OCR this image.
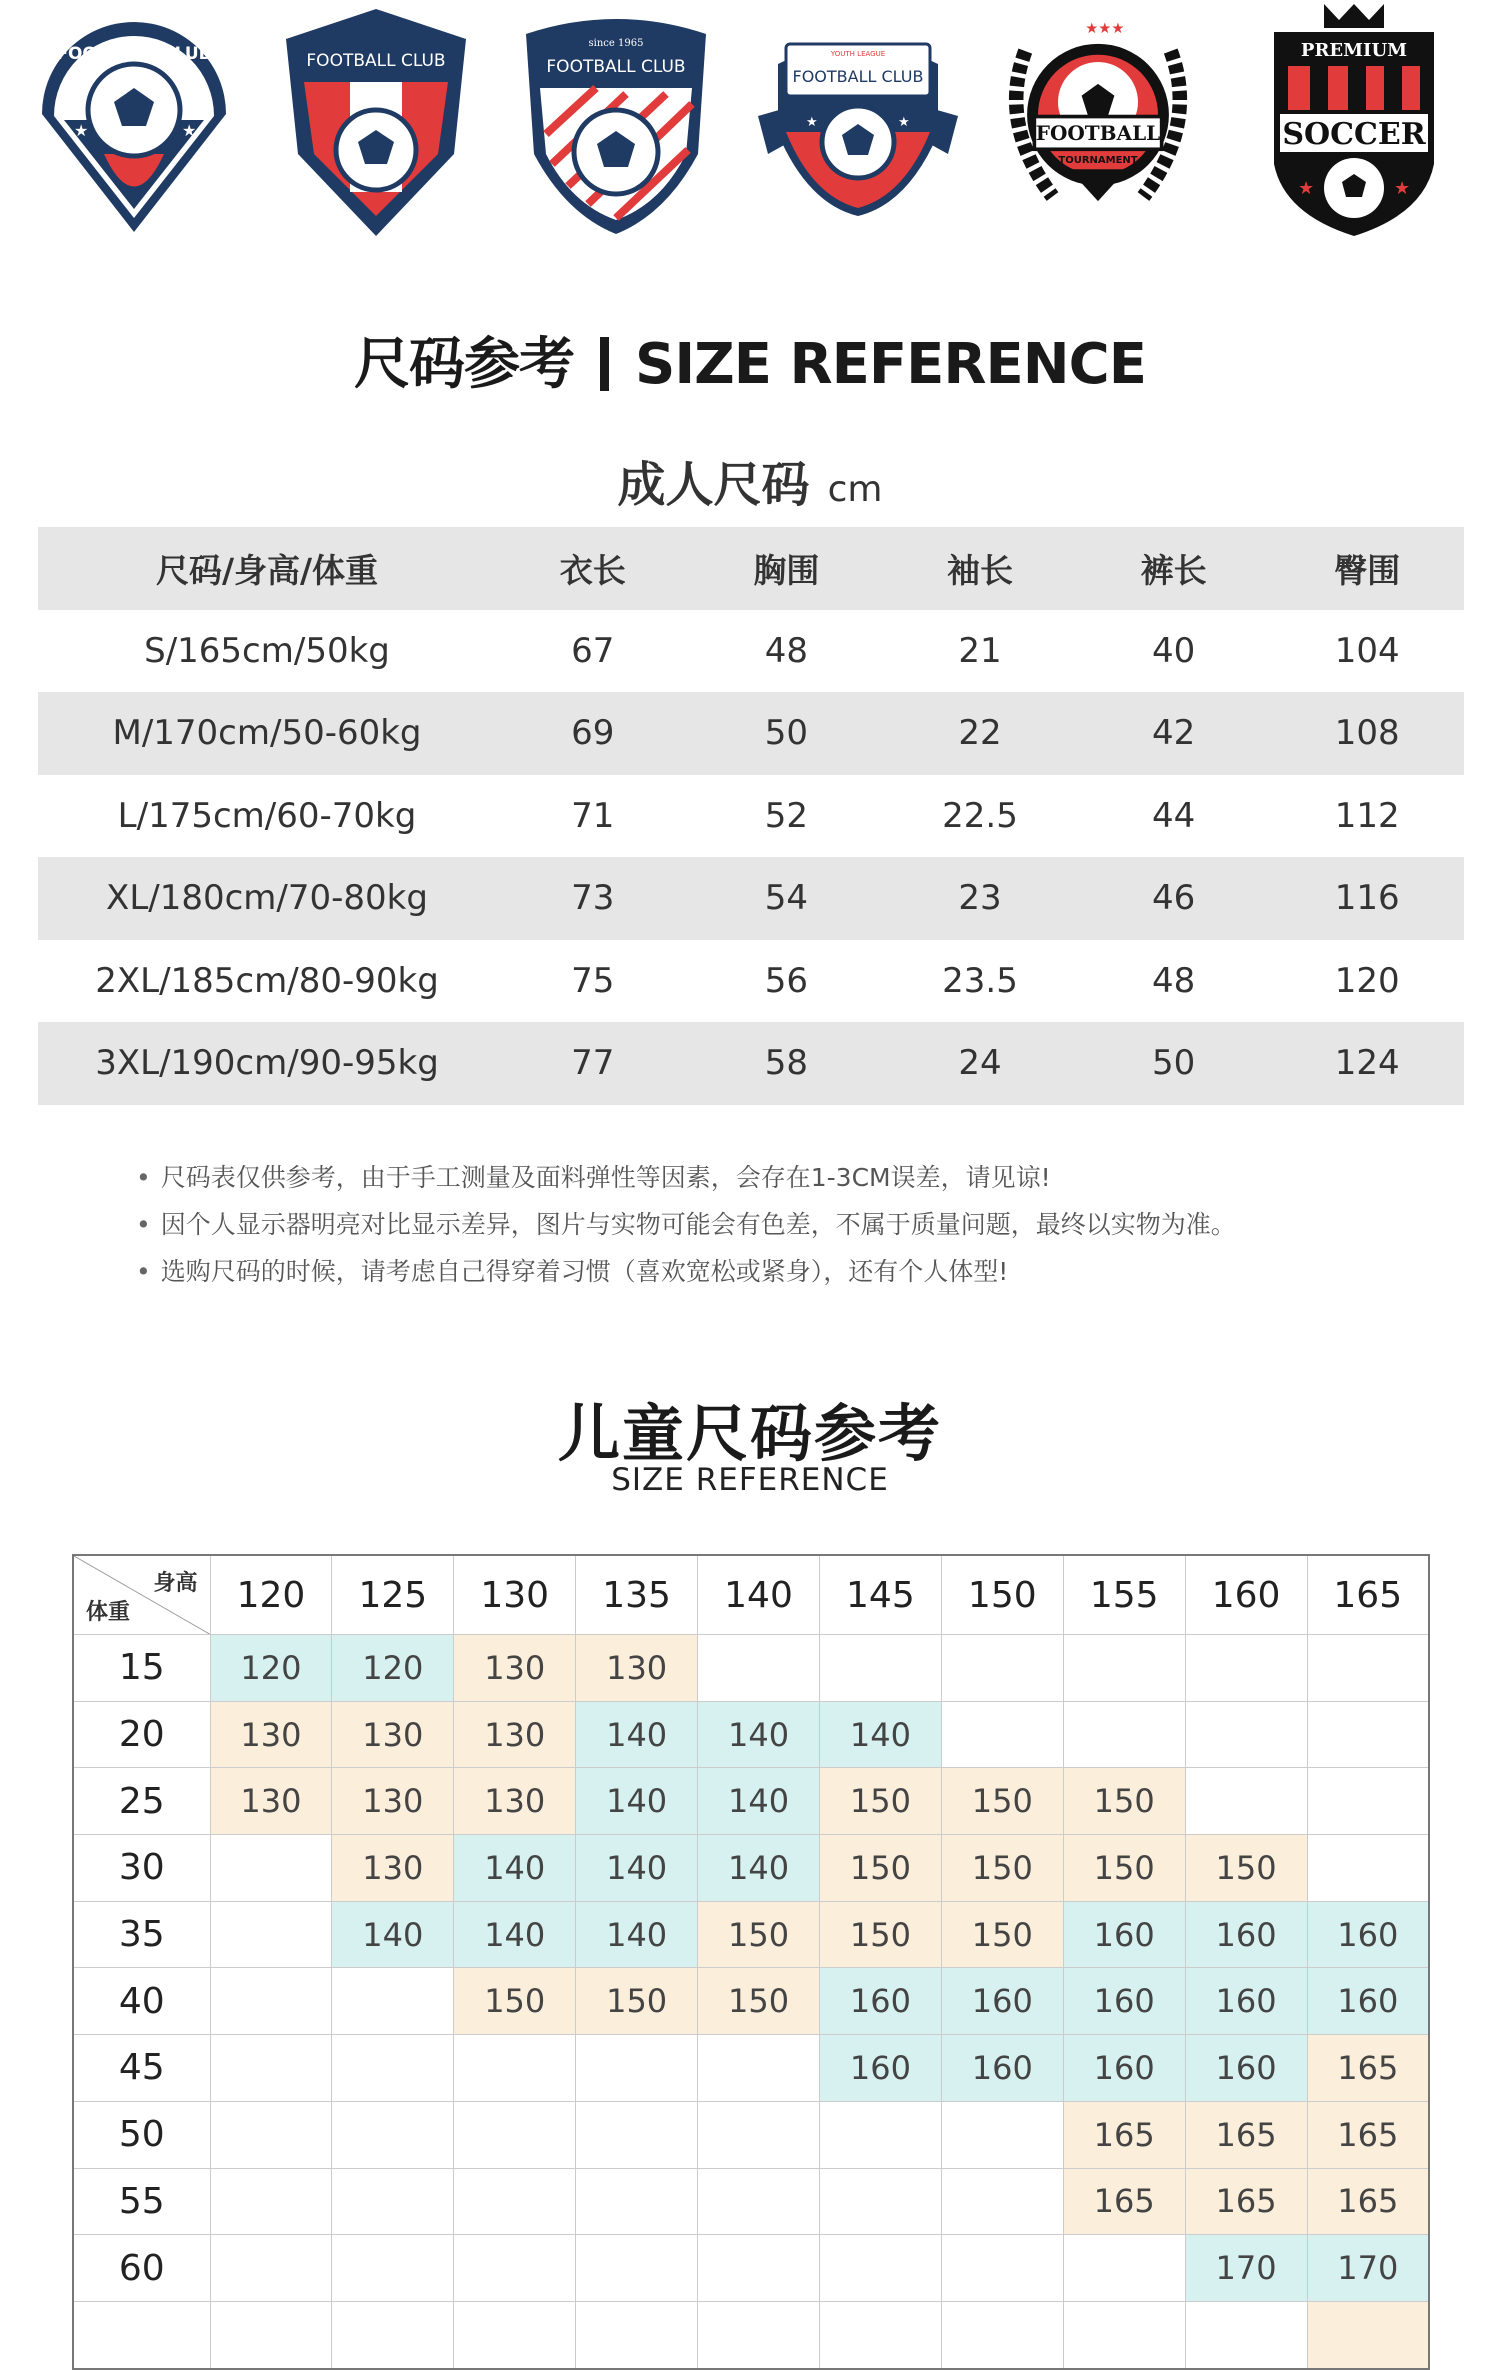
FOOTBALL CLUB
★	★
FOOTBALL CLUB
since 1965
FOOTBALL CLUB
YOUTH LEAGUE
FOOTBALL CLUB
★	★	FOOTBALL
TOURNAMENT
★★★
PREMIUM
SOCCER
★	★
尺码参考 SIZE REFERENCE
成人尺码 cm
尺码/身高/体重	衣长	胸围	袖长	裤长	臀围
S/165cm/50kg	67	48	21	40	104
M/170cm/50-60kg	69	50	22	42	108
L/175cm/60-70kg	71	52	22.5	44	112
XL/180cm/70-80kg	73	54	23	46	116
2XL/185cm/80-90kg	75	56	23.5	48	120
3XL/190cm/90-95kg	77	58	24	50	124
• 尺码表仅供参考，由于手工测量及面料弹性等因素，会存在1-3CM误差，请见谅!
• 因个人显示器明亮对比显示差异，图片与实物可能会有色差，不属于质量问题，最终以实物为准。
• 选购尺码的时候，请考虑自己得穿着习惯（喜欢宽松或紧身），还有个人体型!
儿童尺码参考
SIZE REFERENCE
身高
体重	120	125	130	135	140	145	150	155	160	165
15	120	120	130	130						
20	130	130	130	140	140	140				
25	130	130	130	140	140	150	150	150		
30		130	140	140	140	150	150	150	150	
35		140	140	140	150	150	150	160	160	160
40			150	150	150	160	160	160	160	160
45						160	160	160	160	165
50								165	165	165
55								165	165	165
60									170	170
